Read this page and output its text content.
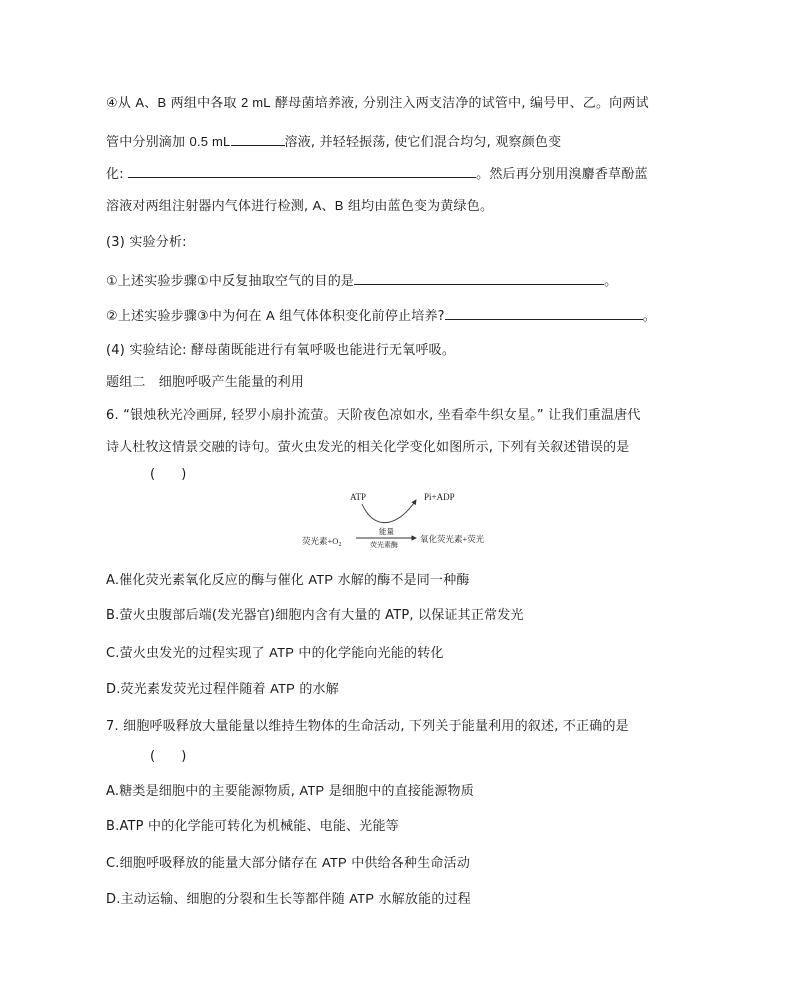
④从 A、B 两组中各取 2 mL 酵母菌培养液, 分别注入两支洁净的试管中, 编号甲、乙。向两试
管中分别滴加 0.5 mL	溶液, 并轻轻振荡, 使它们混合均匀, 观察颜色变
化:	。然后再分别用溴麝香草酚蓝
溶液对两组注射器内气体进行检测, A、B 组均由蓝色变为黄绿色。
(3) 实验分析:
①上述实验步骤①中反复抽取空气的目的是	。
②上述实验步骤③中为何在 A 组气体体积变化前停止培养?	。
(4) 实验结论: 酵母菌既能进行有氧呼吸也能进行无氧呼吸。
题组二　细胞呼吸产生能量的利用
6. “银烛秋光冷画屏, 轻罗小扇扑流萤。天阶夜色凉如水, 坐看牵牛织女星。” 让我们重温唐代
诗人杜牧这情景交融的诗句。萤火虫发光的相关化学变化如图所示, 下列有关叙述错误的是
(      )
ATP	Pi+ADP
荧光素$+O_2$
能量
荧光素酶
氧化荧光素+荧光
A.催化荧光素氧化反应的酶与催化 ATP 水解的酶不是同一种酶
B.萤火虫腹部后端(发光器官)细胞内含有大量的 ATP, 以保证其正常发光
C.萤火虫发光的过程实现了 ATP 中的化学能向光能的转化
D.荧光素发荧光过程伴随着 ATP 的水解
7. 细胞呼吸释放大量能量以维持生物体的生命活动, 下列关于能量利用的叙述, 不正确的是
(      )
A.糖类是细胞中的主要能源物质, ATP 是细胞中的直接能源物质
B.ATP 中的化学能可转化为机械能、电能、光能等
C.细胞呼吸释放的能量大部分储存在 ATP 中供给各种生命活动
D.主动运输、细胞的分裂和生长等都伴随 ATP 水解放能的过程
